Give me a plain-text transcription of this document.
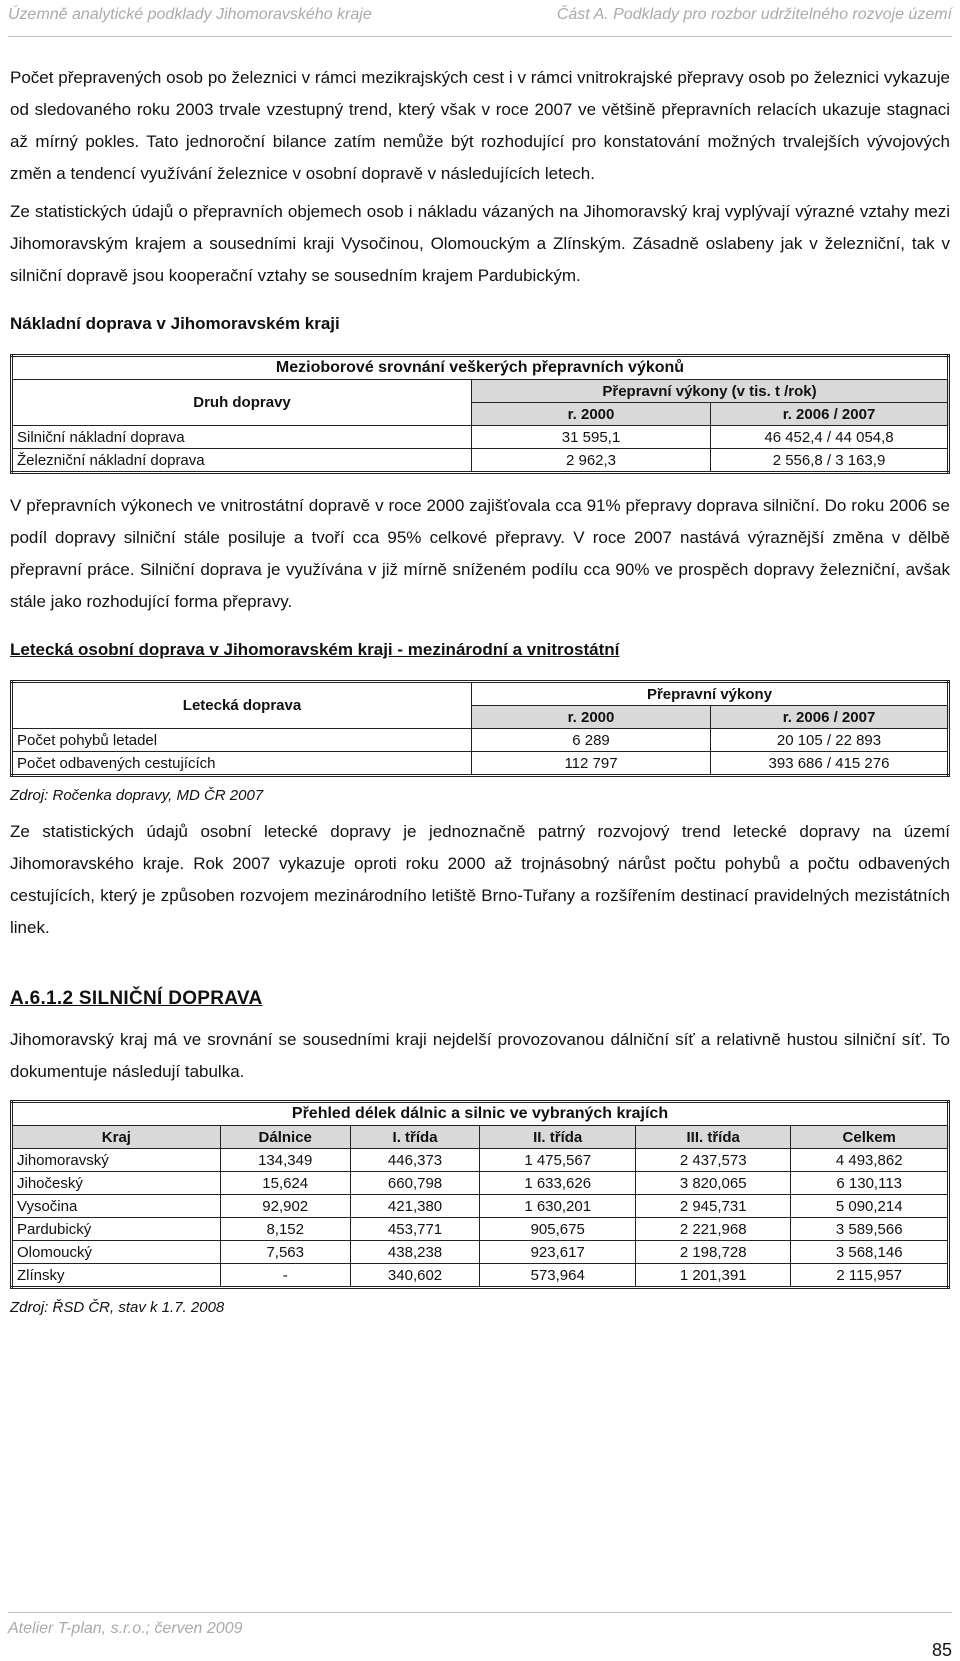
Územně analytické podklady Jihomoravského kraje	Část A. Podklady pro rozbor udržitelného rozvoje území

Počet přepravených osob po železnici v rámci mezikrajských cest i v rámci vnitrokrajské přepravy osob po železnici vykazuje od sledovaného roku 2003 trvale vzestupný trend, který však v roce 2007 ve většině přepravních relacích ukazuje stagnaci až mírný pokles. Tato jednoroční bilance zatím nemůže být rozhodující pro konstatování možných trvalejších vývojových změn a tendencí využívání železnice v osobní dopravě v následujících letech.

Ze statistických údajů o přepravních objemech osob i nákladu vázaných na Jihomoravský kraj vyplývají výrazné vztahy mezi Jihomoravským krajem a sousedními kraji Vysočinou, Olomouckým a Zlínským. Zásadně oslabeny jak v železniční, tak v silniční dopravě jsou kooperační vztahy se sousedním krajem Pardubickým.

Nákladní doprava v Jihomoravském kraji
Mezioborové srovnání veškerých přepravních výkonů		
Druh dopravy	Přepravní výkony (v tis. t /rok)	
	r. 2000	r. 2006 / 2007
Silniční nákladní doprava	31 595,1	46 452,4 / 44 054,8
Železniční nákladní doprava	2 962,3	2 556,8 / 3 163,9

V přepravních výkonech ve vnitrostátní dopravě v roce 2000 zajišťovala cca 91% přepravy doprava silniční. Do roku 2006 se podíl dopravy silniční stále posiluje a tvoří cca 95% celkové přepravy. V roce 2007 nastává výraznější změna v dělbě přepravní práce. Silniční doprava je využívána v již mírně sníženém podílu cca 90% ve prospěch dopravy železniční, avšak stále jako rozhodující forma přepravy.

Letecká osobní doprava v Jihomoravském kraji - mezinárodní a vnitrostátní
Letecká doprava	Přepravní výkony	
	r. 2000	r. 2006 / 2007
Počet pohybů letadel	6 289	20 105 / 22 893
Počet odbavených cestujících	112 797	393 686 / 415 276
Zdroj: Ročenka dopravy, MD ČR 2007

Ze statistických údajů osobní letecké dopravy je jednoznačně patrný rozvojový trend letecké dopravy na území Jihomoravského kraje. Rok 2007 vykazuje oproti roku 2000 až trojnásobný nárůst počtu pohybů a počtu odbavených cestujících, který je způsoben rozvojem mezinárodního letiště Brno-Tuřany a rozšířením destinací pravidelných mezistátních linek.

A.6.1.2 SILNIČNÍ DOPRAVA

Jihomoravský kraj má ve srovnání se sousedními kraji nejdelší provozovanou dálniční síť a relativně hustou silniční síť. To dokumentuje následují tabulka.

Přehled délek dálnic a silnic ve vybraných krajích					
Kraj	Dálnice	I. třída	II. třída	III. třída	Celkem
Jihomoravský	134,349	446,373	1 475,567	2 437,573	4 493,862
Jihočeský	15,624	660,798	1 633,626	3 820,065	6 130,113
Vysočina	92,902	421,380	1 630,201	2 945,731	5 090,214
Pardubický	8,152	453,771	905,675	2 221,968	3 589,566
Olomoucký	7,563	438,238	923,617	2 198,728	3 568,146
Zlínsky	-	340,602	573,964	1 201,391	2 115,957
Zdroj: ŘSD ČR, stav k 1.7. 2008
Atelier T-plan, s.r.o.; červen 2009
85
